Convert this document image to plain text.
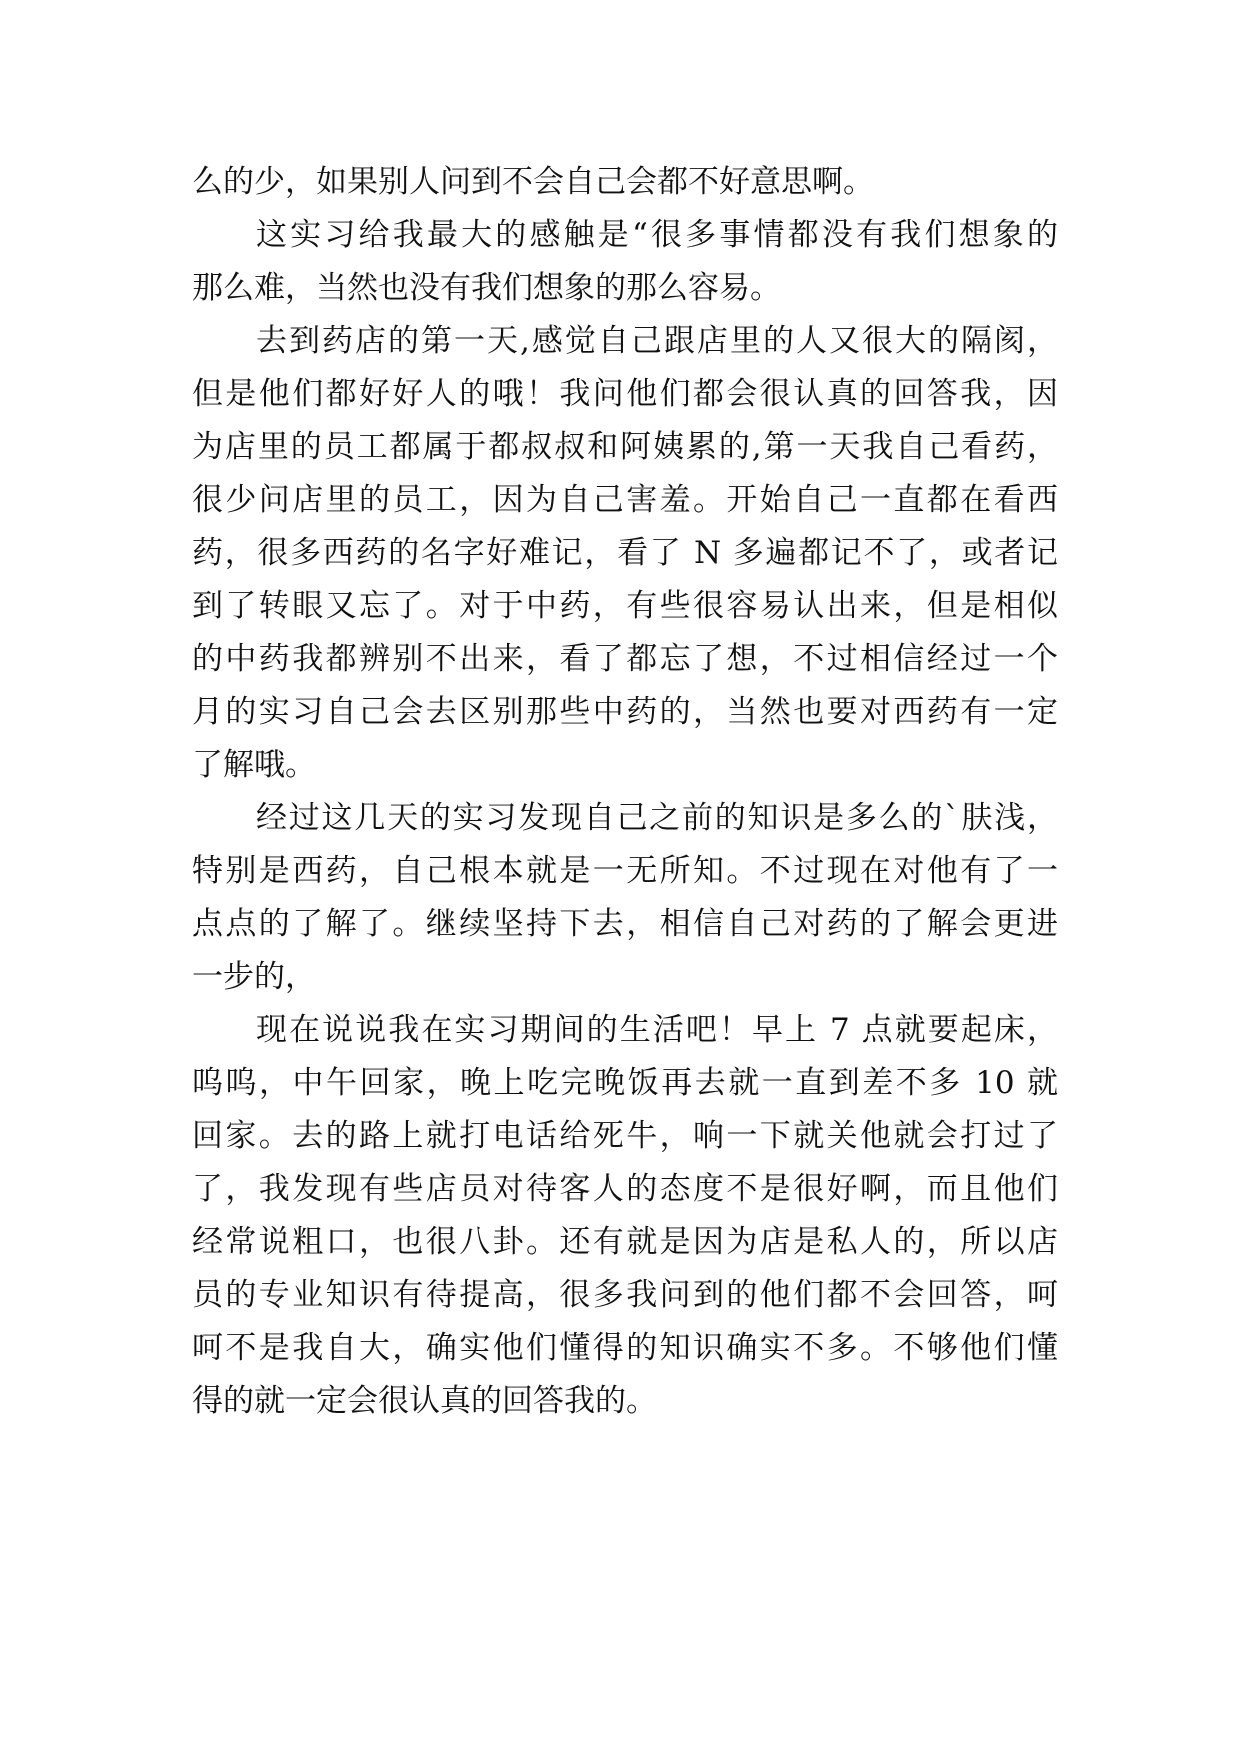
么的少，如果别人问到不会自己会都不好意思啊。
这实习给我最大的感触是“很多事情都没有我们想象的
那么难，当然也没有我们想象的那么容易。
去到药店的第一天,感觉自己跟店里的人又很大的隔阂，
但是他们都好好人的哦！我问他们都会很认真的回答我，因
为店里的员工都属于都叔叔和阿姨累的,第一天我自己看药，
很少问店里的员工，因为自己害羞。开始自己一直都在看西
药，很多西药的名字好难记，看了 N 多遍都记不了，或者记
到了转眼又忘了。对于中药，有些很容易认出来，但是相似
的中药我都辨别不出来，看了都忘了想，不过相信经过一个
月的实习自己会去区别那些中药的，当然也要对西药有一定
了解哦。
经过这几天的实习发现自己之前的知识是多么的`肤浅，
特别是西药，自己根本就是一无所知。不过现在对他有了一
点点的了解了。继续坚持下去，相信自己对药的了解会更进
一步的，
现在说说我在实习期间的生活吧！早上 7 点就要起床，
呜呜，中午回家，晚上吃完晚饭再去就一直到差不多 10 就
回家。去的路上就打电话给死牛，响一下就关他就会打过了
了，我发现有些店员对待客人的态度不是很好啊，而且他们
经常说粗口，也很八卦。还有就是因为店是私人的，所以店
员的专业知识有待提高，很多我问到的他们都不会回答，呵
呵不是我自大，确实他们懂得的知识确实不多。不够他们懂
得的就一定会很认真的回答我的。
